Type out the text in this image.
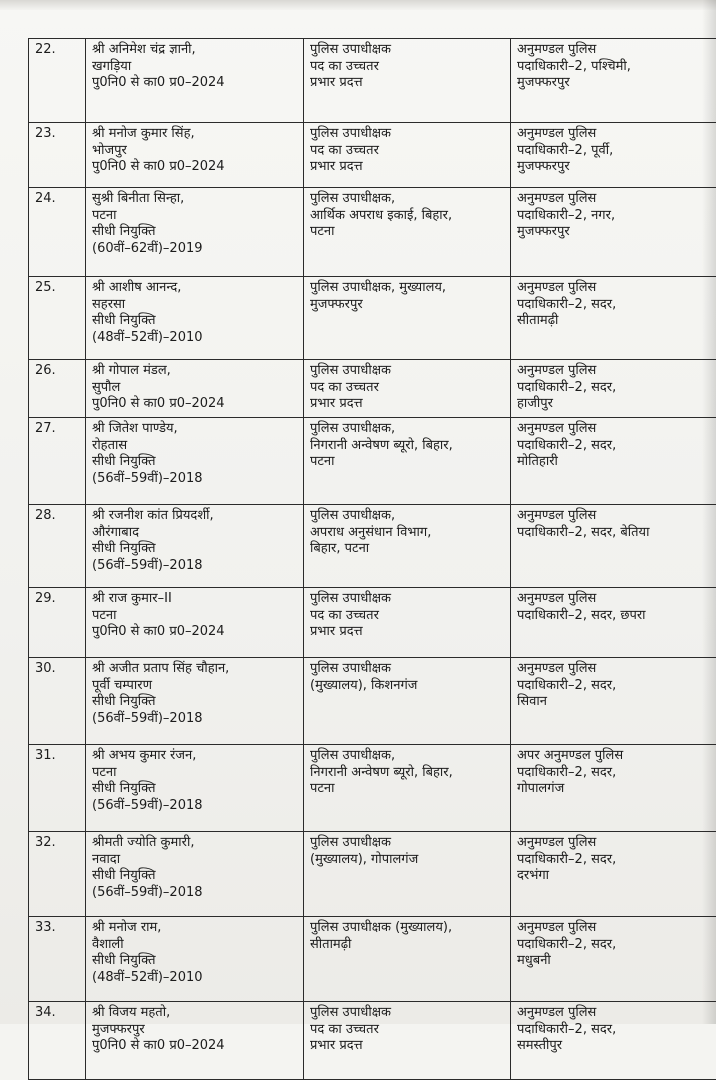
22.	श्री अनिमेश चंद्र ज्ञानी,
खगड़िया
पु0नि0 से का0 प्र0–2024	पुलिस उपाधीक्षक
पद का उच्चतर
प्रभार प्रदत्त	अनुमण्डल पुलिस
पदाधिकारी–2, पश्चिमी,
मुजफ्फरपुर

23.	श्री मनोज कुमार सिंह,
भोजपुर
पु0नि0 से का0 प्र0–2024	पुलिस उपाधीक्षक
पद का उच्चतर
प्रभार प्रदत्त	अनुमण्डल पुलिस
पदाधिकारी–2, पूर्वी,
मुजफ्फरपुर

24.	सुश्री बिनीता सिन्हा,
पटना
सीधी नियुक्ति
(60वीं–62वीं)–2019	पुलिस उपाधीक्षक,
आर्थिक अपराध इकाई, बिहार,
पटना	अनुमण्डल पुलिस
पदाधिकारी–2, नगर,
मुजफ्फरपुर

25.	श्री आशीष आनन्द,
सहरसा
सीधी नियुक्ति
(48वीं–52वीं)–2010	पुलिस उपाधीक्षक, मुख्यालय,
मुजफ्फरपुर	अनुमण्डल पुलिस
पदाधिकारी–2, सदर,
सीतामढ़ी

26.	श्री गोपाल मंडल,
सुपौल
पु0नि0 से का0 प्र0–2024	पुलिस उपाधीक्षक
पद का उच्चतर
प्रभार प्रदत्त	अनुमण्डल पुलिस
पदाधिकारी–2, सदर,
हाजीपुर

27.	श्री जितेश पाण्डेय,
रोहतास
सीधी नियुक्ति
(56वीं–59वीं)–2018	पुलिस उपाधीक्षक,
निगरानी अन्वेषण ब्यूरो, बिहार,
पटना	अनुमण्डल पुलिस
पदाधिकारी–2, सदर,
मोतिहारी

28.	श्री रजनीश कांत प्रियदर्शी,
औरंगाबाद
सीधी नियुक्ति
(56वीं–59वीं)–2018	पुलिस उपाधीक्षक,
अपराध अनुसंधान विभाग,
बिहार, पटना	अनुमण्डल पुलिस
पदाधिकारी–2, सदर, बेतिया

29.	श्री राज कुमार–II
पटना
पु0नि0 से का0 प्र0–2024	पुलिस उपाधीक्षक
पद का उच्चतर
प्रभार प्रदत्त	अनुमण्डल पुलिस
पदाधिकारी–2, सदर, छपरा

30.	श्री अजीत प्रताप सिंह चौहान,
पूर्वी चम्पारण
सीधी नियुक्ति
(56वीं–59वीं)–2018	पुलिस उपाधीक्षक
(मुख्यालय), किशनगंज	अनुमण्डल पुलिस
पदाधिकारी–2, सदर,
सिवान

31.	श्री अभय कुमार रंजन,
पटना
सीधी नियुक्ति
(56वीं–59वीं)–2018	पुलिस उपाधीक्षक,
निगरानी अन्वेषण ब्यूरो, बिहार,
पटना	अपर अनुमण्डल पुलिस
पदाधिकारी–2, सदर,
गोपालगंज

32.	श्रीमती ज्योति कुमारी,
नवादा
सीधी नियुक्ति
(56वीं–59वीं)–2018	पुलिस उपाधीक्षक
(मुख्यालय), गोपालगंज	अनुमण्डल पुलिस
पदाधिकारी–2, सदर,
दरभंगा

33.	श्री मनोज राम,
वैशाली
सीधी नियुक्ति
(48वीं–52वीं)–2010	पुलिस उपाधीक्षक (मुख्यालय),
सीतामढ़ी	अनुमण्डल पुलिस
पदाधिकारी–2, सदर,
मधुबनी

34.	श्री विजय महतो,
मुजफ्फरपुर
पु0नि0 से का0 प्र0–2024	पुलिस उपाधीक्षक
पद का उच्चतर
प्रभार प्रदत्त	अनुमण्डल पुलिस
पदाधिकारी–2, सदर,
समस्तीपुर
